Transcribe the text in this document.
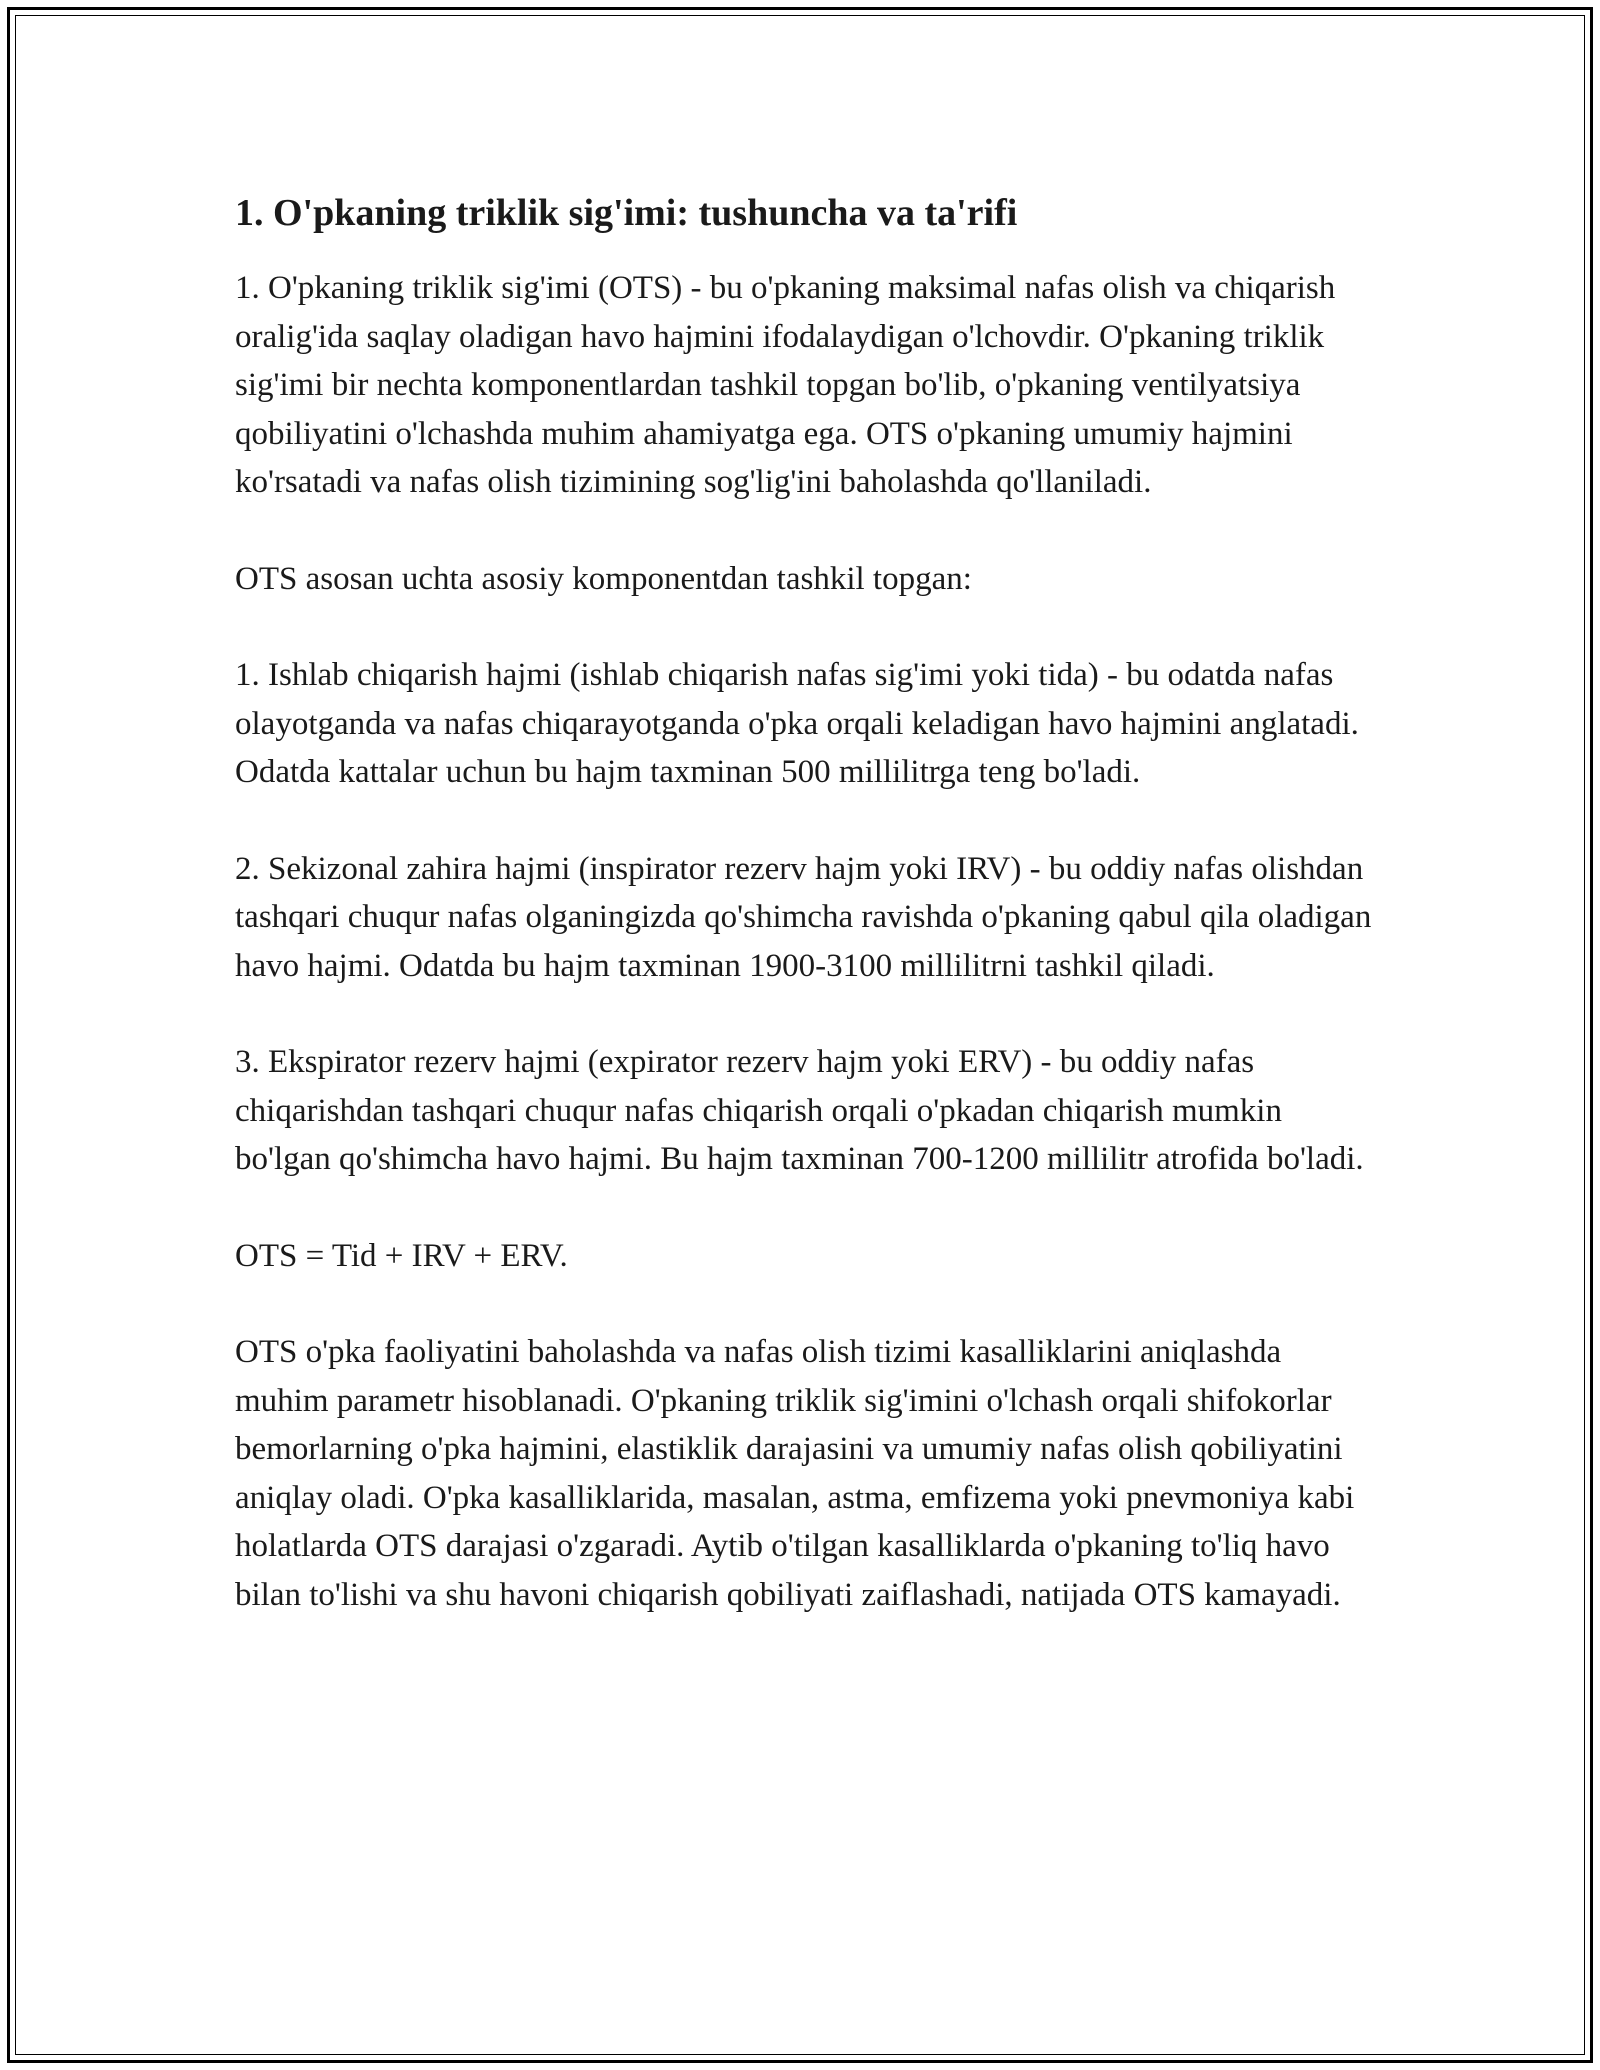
1. O'pkaning triklik sig'imi: tushuncha va ta'rifi

1. O'pkaning triklik sig'imi (OTS) - bu o'pkaning maksimal nafas olish va chiqarish oralig'ida saqlay oladigan havo hajmini ifodalaydigan o'lchovdir. O'pkaning triklik sig'imi bir nechta komponentlardan tashkil topgan bo'lib, o'pkaning ventilyatsiya qobiliyatini o'lchashda muhim ahamiyatga ega. OTS o'pkaning umumiy hajmini ko'rsatadi va nafas olish tizimining sog'lig'ini baholashda qo'llaniladi.

OTS asosan uchta asosiy komponentdan tashkil topgan:

1. Ishlab chiqarish hajmi (ishlab chiqarish nafas sig'imi yoki tida) - bu odatda nafas olayotganda va nafas chiqarayotganda o'pka orqali keladigan havo hajmini anglatadi. Odatda kattalar uchun bu hajm taxminan 500 millilitrga teng bo'ladi.

2. Sekizonal zahira hajmi (inspirator rezerv hajm yoki IRV) - bu oddiy nafas olishdan tashqari chuqur nafas olganingizda qo'shimcha ravishda o'pkaning qabul qila oladigan havo hajmi. Odatda bu hajm taxminan 1900-3100 millilitrni tashkil qiladi.

3. Ekspirator rezerv hajmi (expirator rezerv hajm yoki ERV) - bu oddiy nafas chiqarishdan tashqari chuqur nafas chiqarish orqali o'pkadan chiqarish mumkin bo'lgan qo'shimcha havo hajmi. Bu hajm taxminan 700-1200 millilitr atrofida bo'ladi.

OTS = Tid + IRV + ERV.

OTS o'pka faoliyatini baholashda va nafas olish tizimi kasalliklarini aniqlashda muhim parametr hisoblanadi. O'pkaning triklik sig'imini o'lchash orqali shifokorlar bemorlarning o'pka hajmini, elastiklik darajasini va umumiy nafas olish qobiliyatini aniqlay oladi. O'pka kasalliklarida, masalan, astma, emfizema yoki pnevmoniya kabi holatlarda OTS darajasi o'zgaradi. Aytib o'tilgan kasalliklarda o'pkaning to'liq havo bilan to'lishi va shu havoni chiqarish qobiliyati zaiflashadi, natijada OTS kamayadi.
